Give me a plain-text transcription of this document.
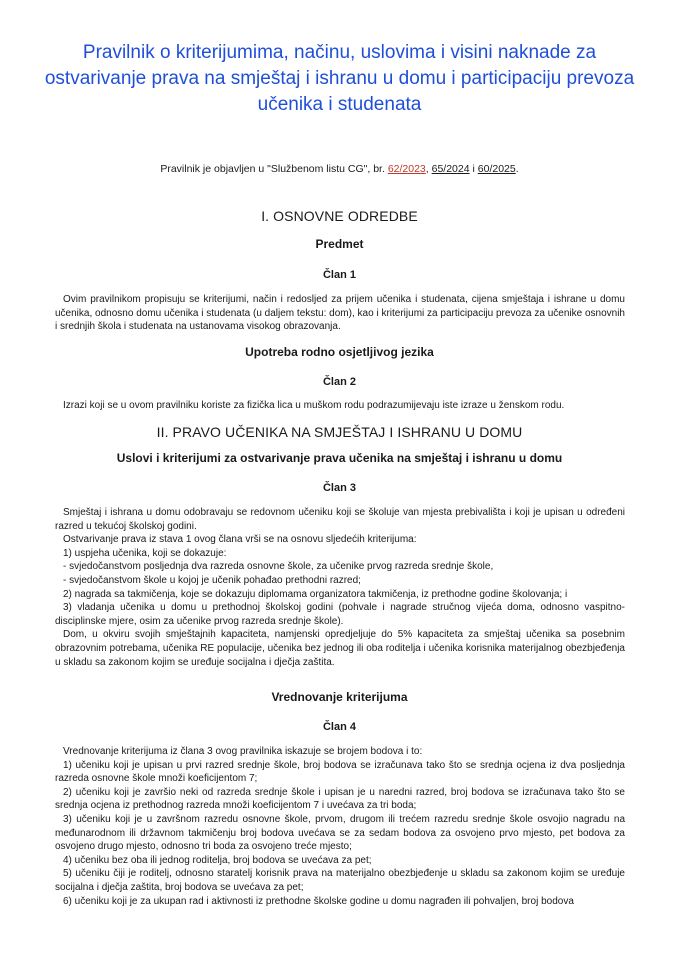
Pravilnik o kriterijumima, načinu, uslovima i visini naknade za ostvarivanje prava na smještaj i ishranu u domu i participaciju prevoza učenika i studenata
Pravilnik je objavljen u "Službenom listu CG", br. 62/2023, 65/2024 i 60/2025.
I. OSNOVNE ODREDBE
Predmet
Član 1

Ovim pravilnikom propisuju se kriterijumi, način i redosljed za prijem učenika i studenata, cijena smještaja i ishrane u domu učenika, odnosno domu učenika i studenata (u daljem tekstu: dom), kao i kriterijumi za participaciju prevoza za učenike osnovnih i srednjih škola i studenata na ustanovama visokog obrazovanja.

Upotreba rodno osjetljivog jezika
Član 2

Izrazi koji se u ovom pravilniku koriste za fizička lica u muškom rodu podrazumijevaju iste izraze u ženskom rodu.

II. PRAVO UČENIKA NA SMJEŠTAJ I ISHRANU U DOMU
Uslovi i kriterijumi za ostvarivanje prava učenika na smještaj i ishranu u domu
Član 3

Smještaj i ishrana u domu odobravaju se redovnom učeniku koji se školuje van mjesta prebivališta i koji je upisan u određeni razred u tekućoj školskoj godini.

Ostvarivanje prava iz stava 1 ovog člana vrši se na osnovu sljedećih kriterijuma:

1) uspjeha učenika, koji se dokazuje:

- svjedočanstvom posljednja dva razreda osnovne škole, za učenike prvog razreda srednje škole,

- svjedočanstvom škole u kojoj je učenik pohađao prethodni razred;

2) nagrada sa takmičenja, koje se dokazuju diplomama organizatora takmičenja, iz prethodne godine školovanja; i

3) vladanja učenika u domu u prethodnoj školskoj godini (pohvale i nagrade stručnog vijeća doma, odnosno vaspitno-disciplinske mjere, osim za učenike prvog razreda srednje škole).

Dom, u okviru svojih smještajnih kapaciteta, namjenski opredjeljuje do 5% kapaciteta za smještaj učenika sa posebnim obrazovnim potrebama, učenika RE populacije, učenika bez jednog ili oba roditelja i učenika korisnika materijalnog obezbjeđenja u skladu sa zakonom kojim se uređuje socijalna i dječja zaštita.

Vrednovanje kriterijuma
Član 4

Vrednovanje kriterijuma iz člana 3 ovog pravilnika iskazuje se brojem bodova i to:

1) učeniku koji je upisan u prvi razred srednje škole, broj bodova se izračunava tako što se srednja ocjena iz dva posljednja razreda osnovne škole množi koeficijentom 7;

2) učeniku koji je završio neki od razreda srednje škole i upisan je u naredni razred, broj bodova se izračunava tako što se srednja ocjena iz prethodnog razreda množi koeficijentom 7 i uvećava za tri boda;

3) učeniku koji je u završnom razredu osnovne škole, prvom, drugom ili trećem razredu srednje škole osvojio nagradu na međunarodnom ili državnom takmičenju broj bodova uvećava se za sedam bodova za osvojeno prvo mjesto, pet bodova za osvojeno drugo mjesto, odnosno tri boda za osvojeno treće mjesto;

4) učeniku bez oba ili jednog roditelja, broj bodova se uvećava za pet;

5) učeniku čiji je roditelj, odnosno staratelj korisnik prava na materijalno obezbjeđenje u skladu sa zakonom kojim se uređuje socijalna i dječja zaštita, broj bodova se uvećava za pet;

6) učeniku koji je za ukupan rad i aktivnosti iz prethodne školske godine u domu nagrađen ili pohvaljen, broj bodova
